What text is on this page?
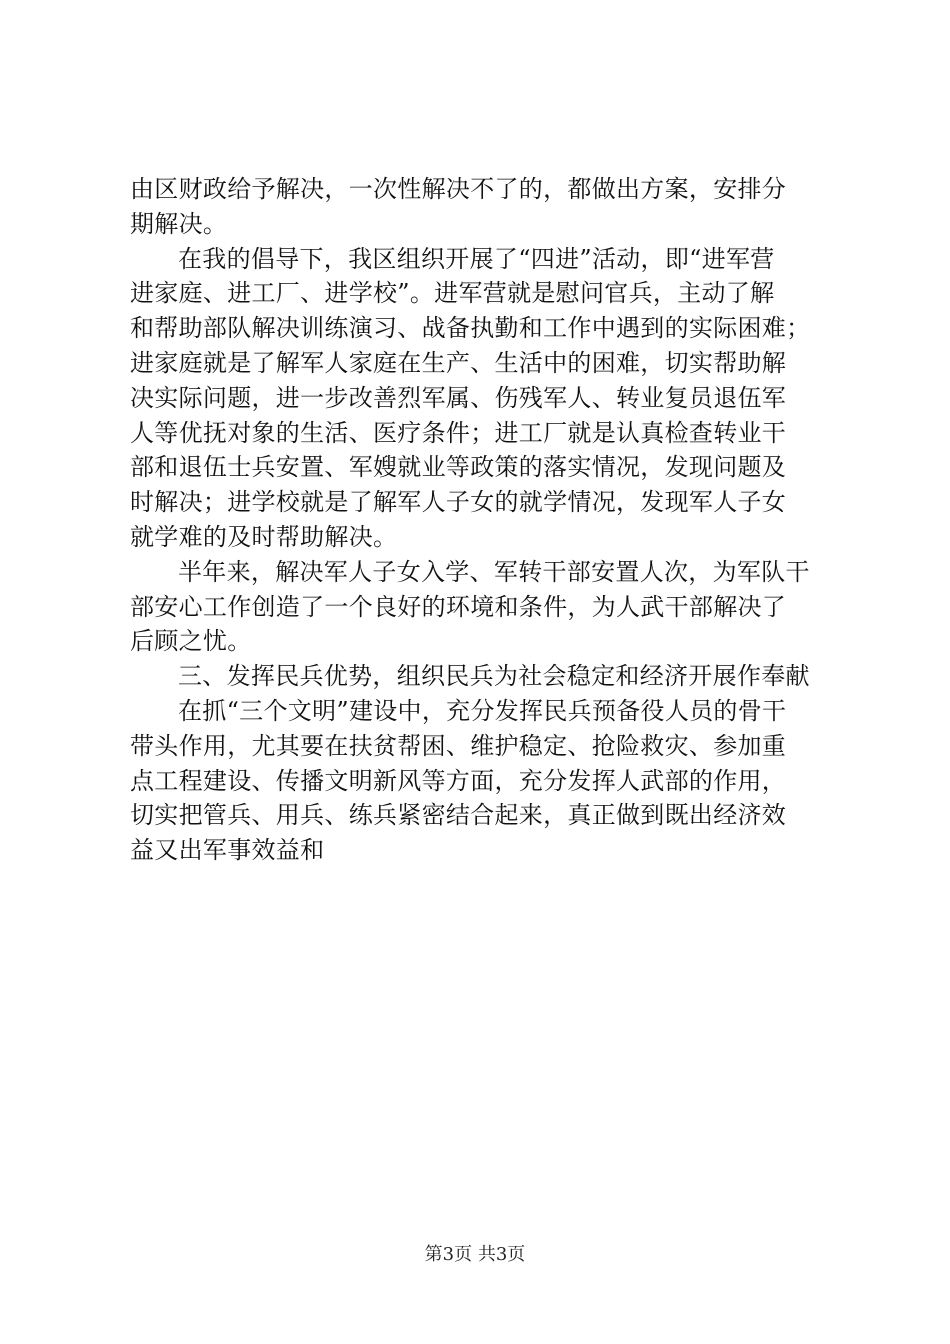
由区财政给予解决，一次性解决不了的，都做出方案，安排分
期解决。
在我的倡导下，我区组织开展了“四进”活动，即“进军营
进家庭、进工厂、进学校”。进军营就是慰问官兵，主动了解
和帮助部队解决训练演习、战备执勤和工作中遇到的实际困难；
进家庭就是了解军人家庭在生产、生活中的困难，切实帮助解
决实际问题，进一步改善烈军属、伤残军人、转业复员退伍军
人等优抚对象的生活、医疗条件；进工厂就是认真检查转业干
部和退伍士兵安置、军嫂就业等政策的落实情况，发现问题及
时解决；进学校就是了解军人子女的就学情况，发现军人子女
就学难的及时帮助解决。
半年来，解决军人子女入学、军转干部安置人次，为军队干
部安心工作创造了一个良好的环境和条件，为人武干部解决了
后顾之忧。
三、发挥民兵优势，组织民兵为社会稳定和经济开展作奉献
在抓“三个文明”建设中，充分发挥民兵预备役人员的骨干
带头作用，尤其要在扶贫帮困、维护稳定、抢险救灾、参加重
点工程建设、传播文明新风等方面，充分发挥人武部的作用，
切实把管兵、用兵、练兵紧密结合起来，真正做到既出经济效
益又出军事效益和
第3页 共3页
